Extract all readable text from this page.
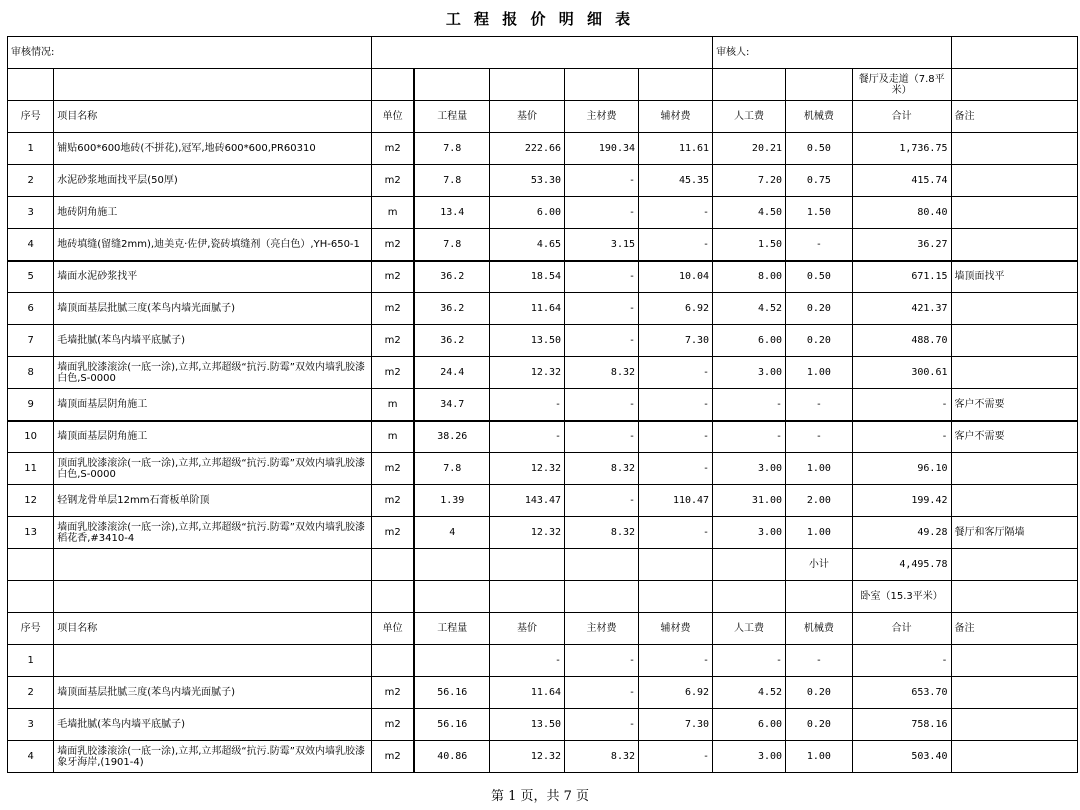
工 程 报 价 明 细 表
审核情况:							审核人:			
									餐厅及走道（7.8平米）	
序号	项目名称	单位	工程量	基价	主材费	辅材费	人工费	机械费	合计	备注
1	铺贴600*600地砖(不拼花),冠军,地砖600*600,PR60310	m2	7.8	222.66	190.34	11.61	20.21	0.50	1,736.75	
2	水泥砂浆地面找平层(50厚)	m2	7.8	53.30	-	45.35	7.20	0.75	415.74	
3	地砖阴角施工	m	13.4	6.00	-	-	4.50	1.50	80.40	
4	地砖填缝(留缝2mm),迪美克·佐伊,瓷砖填缝剂（亮白色）,YH-650-1	m2	7.8	4.65	3.15	-	1.50	-	36.27	
5	墙面水泥砂浆找平	m2	36.2	18.54	-	10.04	8.00	0.50	671.15	墙顶面找平
6	墙顶面基层批腻三度(苯鸟内墙光面腻子)	m2	36.2	11.64	-	6.92	4.52	0.20	421.37	
7	毛墙批腻(苯鸟内墙平底腻子)	m2	36.2	13.50	-	7.30	6.00	0.20	488.70	
8	墙面乳胶漆滚涂(一底一涂),立邦,立邦超级“抗污.防霉”双效内墙乳胶漆白色,S-0000	m2	24.4	12.32	8.32	-	3.00	1.00	300.61	
9	墙顶面基层阴角施工	m	34.7	-	-	-	-	-	-	客户不需要
10	墙顶面基层阴角施工	m	38.26	-	-	-	-	-	-	客户不需要
11	顶面乳胶漆滚涂(一底一涂),立邦,立邦超级“抗污.防霉”双效内墙乳胶漆白色,S-0000	m2	7.8	12.32	8.32	-	3.00	1.00	96.10	
12	轻钢龙骨单层12mm石膏板单阶顶	m2	1.39	143.47	-	110.47	31.00	2.00	199.42	
13	墙面乳胶漆滚涂(一底一涂),立邦,立邦超级“抗污.防霉”双效内墙乳胶漆稻花香,#3410-4	m2	4	12.32	8.32	-	3.00	1.00	49.28	餐厅和客厅隔墙
								小计	4,495.78	
									卧室（15.3平米）	
序号	项目名称	单位	工程量	基价	主材费	辅材费	人工费	机械费	合计	备注
1				-	-	-	-	-	-	
2	墙顶面基层批腻三度(苯鸟内墙光面腻子)	m2	56.16	11.64	-	6.92	4.52	0.20	653.70	
3	毛墙批腻(苯鸟内墙平底腻子)	m2	56.16	13.50	-	7.30	6.00	0.20	758.16	
4	墙面乳胶漆滚涂(一底一涂),立邦,立邦超级“抗污.防霉”双效内墙乳胶漆象牙海岸,(1901-4)	m2	40.86	12.32	8.32	-	3.00	1.00	503.40	
第 1 页，共 7 页
